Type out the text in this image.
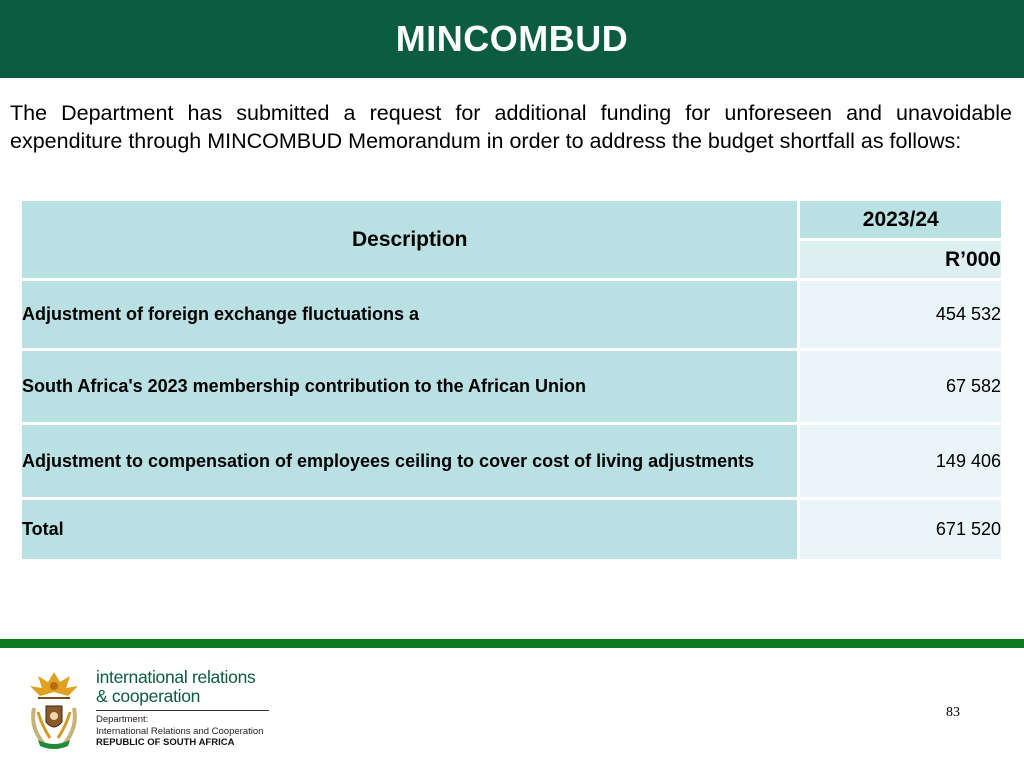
MINCOMBUD

The Department has submitted a request for additional funding for unforeseen and unavoidable expenditure through MINCOMBUD Memorandum in order to address the budget shortfall as follows:

Description	2023/24
	R’000
Adjustment of foreign exchange fluctuations a	454 532
South Africa's 2023 membership contribution to the African Union	67 582
Adjustment to compensation of employees ceiling to cover cost of living adjustments	149 406
Total	671 520
international relations
& cooperation
Department:
International Relations and Cooperation
REPUBLIC OF SOUTH AFRICA
83
